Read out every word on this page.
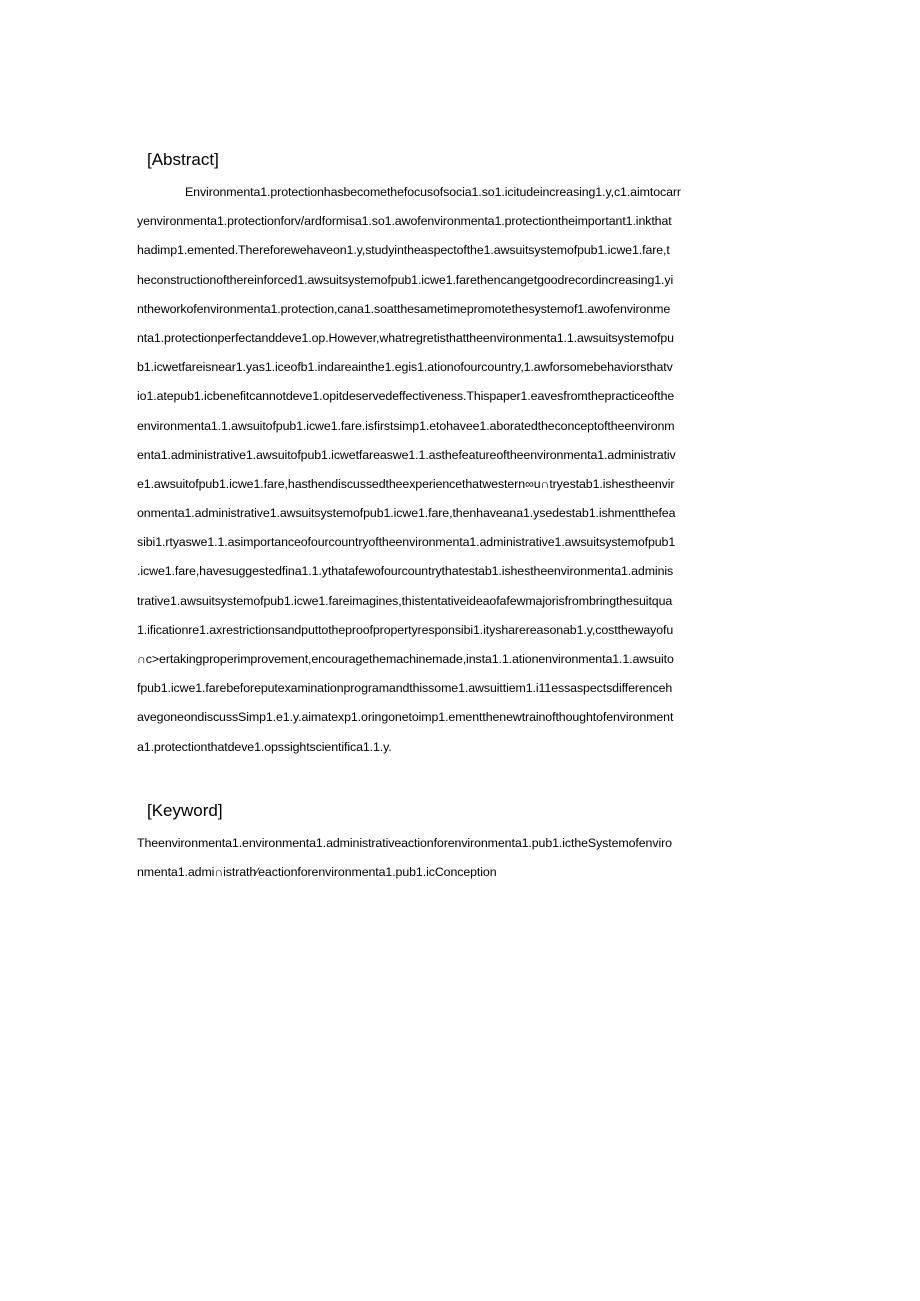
[Abstract]
Environmenta1.protectionhasbecomethefocusofsocia1.so1.icitudeincreasing1.y,c1.aimtocarr
yenvironmenta1.protectionforv/ardformisa1.so1.awofenvironmenta1.protectiontheimportant1.inkthat
hadimp1.emented.Thereforewehaveon1.y,studyintheaspectofthe1.awsuitsystemofpub1.icwe1.fare,t
heconstructionofthereinforced1.awsuitsystemofpub1.icwe1.farethencangetgoodrecordincreasing1.yi
ntheworkofenvironmenta1.protection,cana1.soatthesametimepromotethesystemof1.awofenvironme
nta1.protectionperfectanddeve1.op.However,whatregretisthattheenvironmenta1.1.awsuitsystemofpu
b1.icwetfareisnear1.yas1.iceofb1.indareainthe1.egis1.ationofourcountry,1.awforsomebehaviorsthatv
io1.atepub1.icbenefitcannotdeve1.opitdeservedeffectiveness.Thispaper1.eavesfromthepracticeofthe
environmenta1.1.awsuitofpub1.icwe1.fare.isfirstsimp1.etohavee1.aboratedtheconceptoftheenvironm
enta1.administrative1.awsuitofpub1.icwetfareaswe1.1.asthefeatureoftheenvironmenta1.administrativ
e1.awsuitofpub1.icwe1.fare,hasthendiscussedtheexperiencethatwestern∞u∩tryestab1.ishestheenvir
onmenta1.administrative1.awsuitsystemofpub1.icwe1.fare,thenhaveana1.ysedestab1.ishmentthefea
sibi1.rtyaswe1.1.asimportanceofourcountryoftheenvironmenta1.administrative1.awsuitsystemofpub1
.icwe1.fare,havesuggestedfina1.1.ythatafewofourcountrythatestab1.ishestheenvironmenta1.adminis
trative1.awsuitsystemofpub1.icwe1.fareimagines,thistentativeideaofafewmajorisfrombringthesuitqua
1.ificationre1.axrestrictionsandputtotheproofpropertyresponsibi1.itysharereasonab1.y,costthewayofu
∩c>ertakingproperimprovement,encouragethemachinemade,insta1.1.ationenvironmenta1.1.awsuito
fpub1.icwe1.farebeforeputexaminationprogramandthissome1.awsuittiem1.i11essaspectsdifferenceh
avegoneondiscussSimp1.e1.y.aimatexp1.oringonetoimp1.ementthenewtrainofthoughtofenvironment
a1.protectionthatdeve1.opssightscientifica1.1.y.
[Keyword]
Theenvironmenta1.environmenta1.administrativeactionforenvironmenta1.pub1.ictheSystemofenviro
nmenta1.admi∩istrath⁄eactionforenvironmenta1.pub1.icConception
